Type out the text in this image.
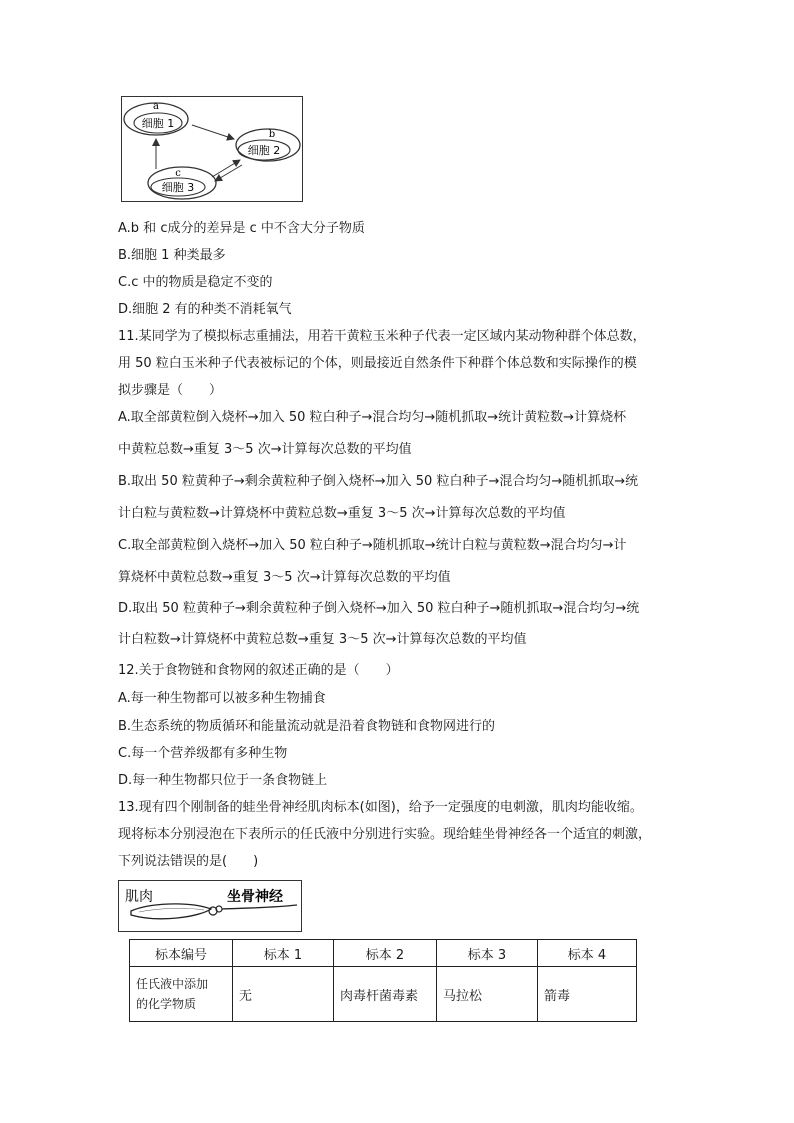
a
细胞 1
b
细胞 2
c
细胞 3
A.b 和 c成分的差异是 c 中不含大分子物质
B.细胞 1 种类最多
C.c 中的物质是稳定不变的
D.细胞 2 有的种类不消耗氧气
11.某同学为了模拟标志重捕法，用若干黄粒玉米种子代表一定区域内某动物种群个体总数，
用 50 粒白玉米种子代表被标记的个体，则最接近自然条件下种群个体总数和实际操作的模
拟步骤是（　　）
A.取全部黄粒倒入烧杯→加入 50 粒白种子→混合均匀→随机抓取→统计黄粒数→计算烧杯
中黄粒总数→重复 3～5 次→计算每次总数的平均值
B.取出 50 粒黄种子→剩余黄粒种子倒入烧杯→加入 50 粒白种子→混合均匀→随机抓取→统
计白粒与黄粒数→计算烧杯中黄粒总数→重复 3～5 次→计算每次总数的平均值
C.取全部黄粒倒入烧杯→加入 50 粒白种子→随机抓取→统计白粒与黄粒数→混合均匀→计
算烧杯中黄粒总数→重复 3～5 次→计算每次总数的平均值
D.取出 50 粒黄种子→剩余黄粒种子倒入烧杯→加入 50 粒白种子→随机抓取→混合均匀→统
计白粒数→计算烧杯中黄粒总数→重复 3～5 次→计算每次总数的平均值
12.关于食物链和食物网的叙述正确的是（　　）
A.每一种生物都可以被多种生物捕食
B.生态系统的物质循环和能量流动就是沿着食物链和食物网进行的
C.每一个营养级都有多种生物
D.每一种生物都只位于一条食物链上
13.现有四个刚制备的蛙坐骨神经肌肉标本(如图)，给予一定强度的电刺激，肌肉均能收缩。
现将标本分别浸泡在下表所示的任氏液中分别进行实验。现给蛙坐骨神经各一个适宜的刺激，
下列说法错误的是(　　)
肌肉	坐骨神经
标本编号	标本 1	标本 2	标本 3	标本 4

任氏液中添加
的化学物质	无	肉毒杆菌毒素	马拉松	箭毒
